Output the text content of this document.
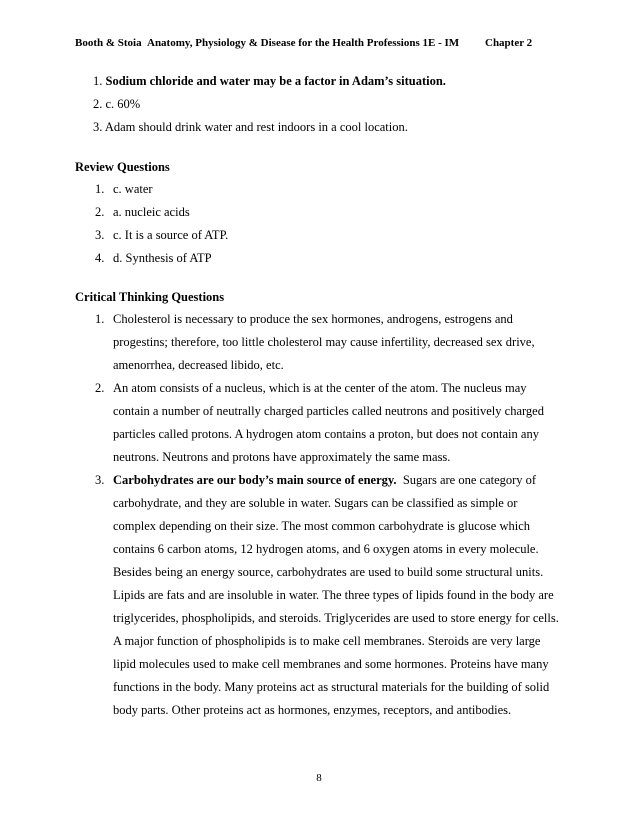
Booth & Stoia Anatomy, Physiology & Disease for the Health Professions 1E - IM Chapter 2
1. Sodium chloride and water may be a factor in Adam’s situation.
2. c. 60%
3. Adam should drink water and rest indoors in a cool location.
Review Questions
1. c. water
2. a. nucleic acids
3. c. It is a source of ATP.
4. d. Synthesis of ATP
Critical Thinking Questions
1. Cholesterol is necessary to produce the sex hormones, androgens, estrogens and
progestins; therefore, too little cholesterol may cause infertility, decreased sex drive,
amenorrhea, decreased libido, etc.
2. An atom consists of a nucleus, which is at the center of the atom. The nucleus may
contain a number of neutrally charged particles called neutrons and positively charged
particles called protons. A hydrogen atom contains a proton, but does not contain any
neutrons. Neutrons and protons have approximately the same mass.
3. Carbohydrates are our body’s main source of energy.  Sugars are one category of
carbohydrate, and they are soluble in water. Sugars can be classified as simple or
complex depending on their size. The most common carbohydrate is glucose which
contains 6 carbon atoms, 12 hydrogen atoms, and 6 oxygen atoms in every molecule.
Besides being an energy source, carbohydrates are used to build some structural units.
Lipids are fats and are insoluble in water. The three types of lipids found in the body are
triglycerides, phospholipids, and steroids. Triglycerides are used to store energy for cells.
A major function of phospholipids is to make cell membranes. Steroids are very large
lipid molecules used to make cell membranes and some hormones. Proteins have many
functions in the body. Many proteins act as structural materials for the building of solid
body parts. Other proteins act as hormones, enzymes, receptors, and antibodies.
8
